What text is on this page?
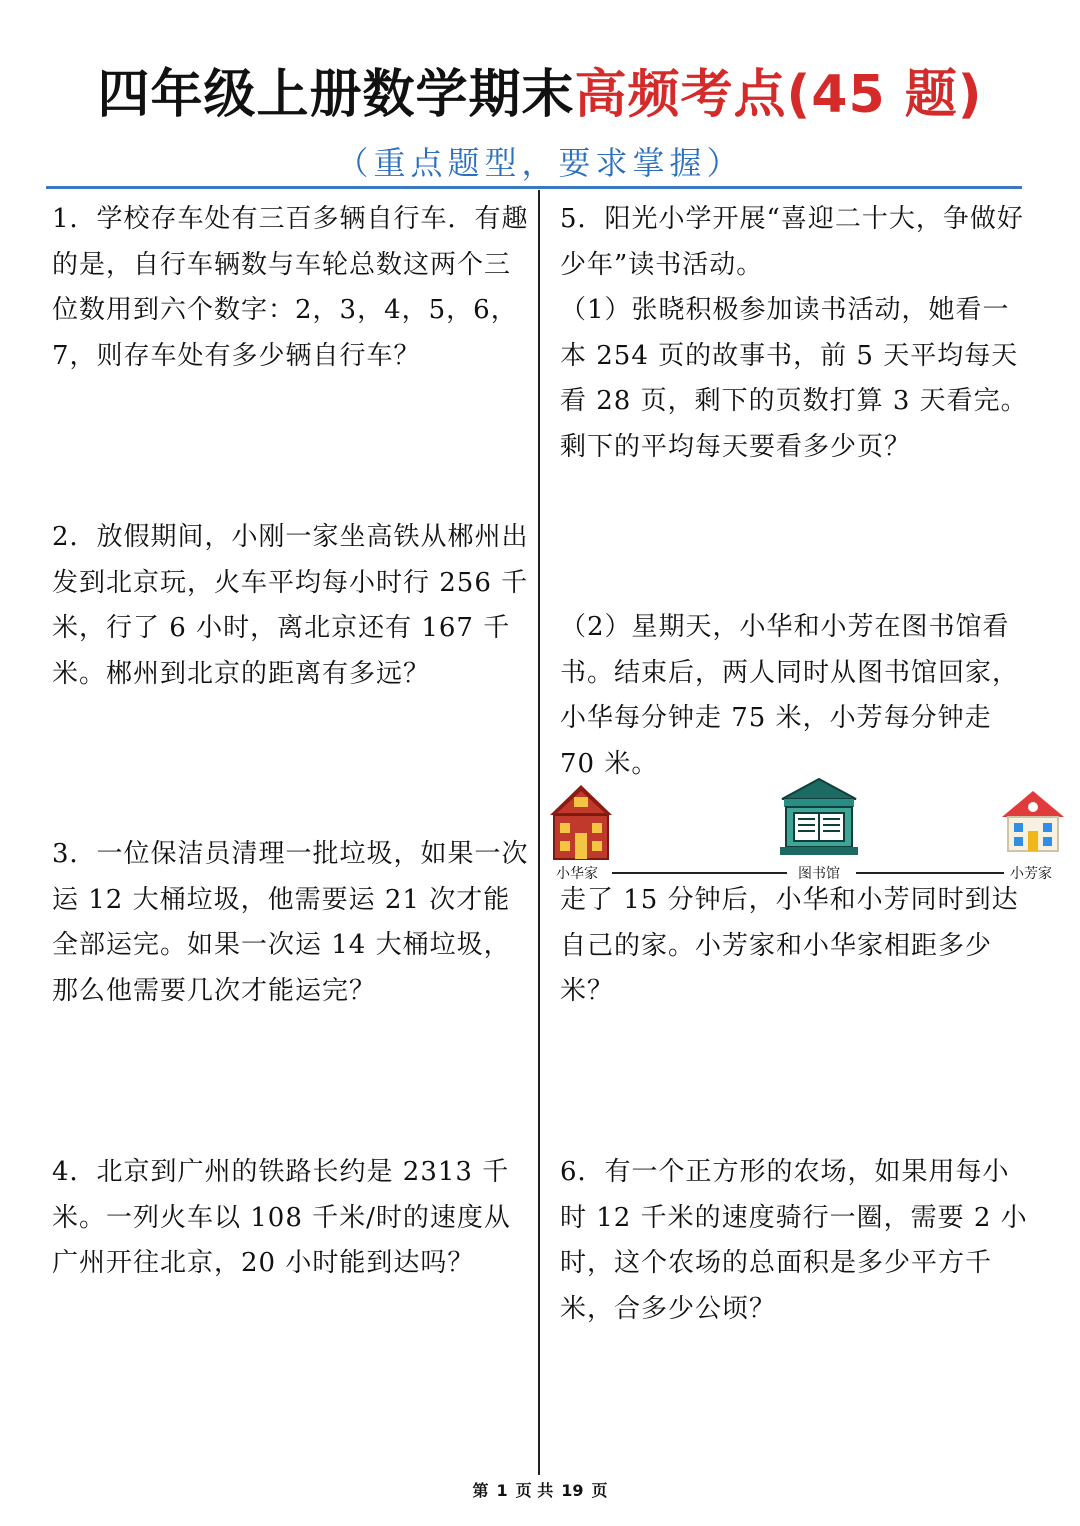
四年级上册数学期末高频考点(45 题)
（重点题型，要求掌握）

1．学校存车处有三百多辆自行车．有趣的是，自行车辆数与车轮总数这两个三位数用到六个数字：2，3，4，5，6，7，则存车处有多少辆自行车？

2．放假期间，小刚一家坐高铁从郴州出发到北京玩，火车平均每小时行 256 千米，行了 6 小时，离北京还有 167 千米。郴州到北京的距离有多远？

3．一位保洁员清理一批垃圾，如果一次运 12 大桶垃圾，他需要运 21 次才能全部运完。如果一次运 14 大桶垃圾，那么他需要几次才能运完？

4．北京到广州的铁路长约是 2313 千米。一列火车以 108 千米/时的速度从广州开往北京，20 小时能到达吗？

5．阳光小学开展“喜迎二十大，争做好少年”读书活动。

（1）张晓积极参加读书活动，她看一本 254 页的故事书，前 5 天平均每天看 28 页，剩下的页数打算 3 天看完。剩下的平均每天要看多少页？

（2）星期天，小华和小芳在图书馆看书。结束后，两人同时从图书馆回家，小华每分钟走 75 米，小芳每分钟走 70 米。

小华家	图书馆	小芳家

走了 15 分钟后，小华和小芳同时到达自己的家。小芳家和小华家相距多少米？

6．有一个正方形的农场，如果用每小时 12 千米的速度骑行一圈，需要 2 小时，这个农场的总面积是多少平方千米，合多少公顷？

第 1 页 共 19 页
